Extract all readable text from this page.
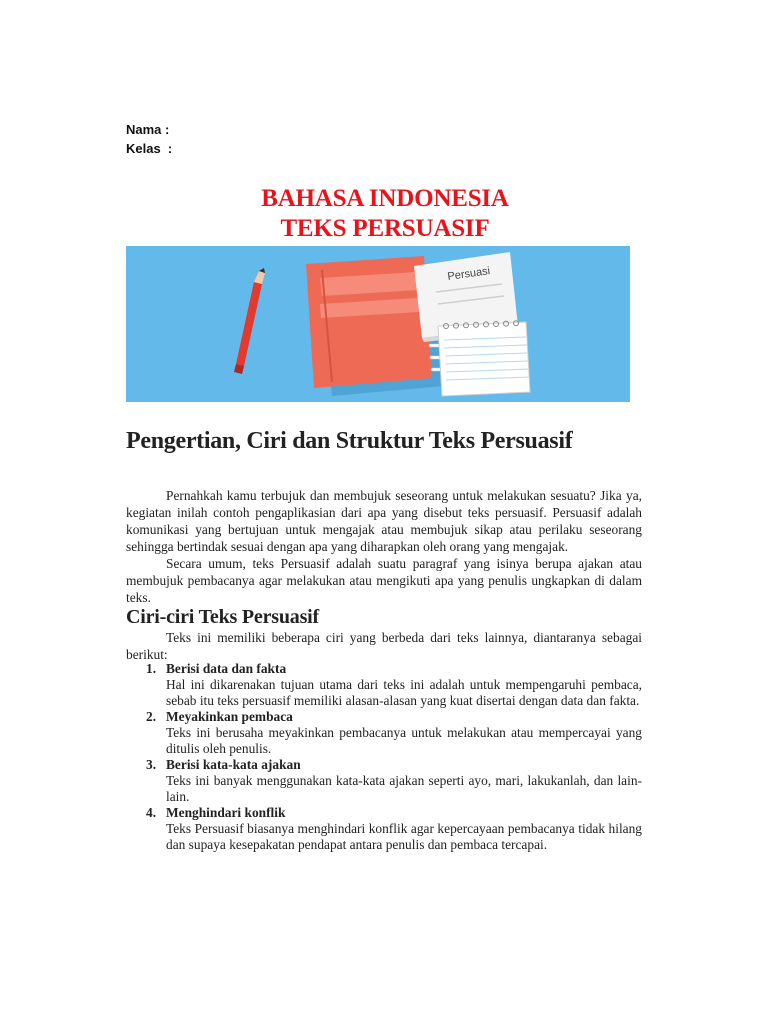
Nama :
Kelas  :
BAHASA INDONESIA
TEKS PERSUASIF
Persuasi
Pengertian, Ciri dan Struktur Teks Persuasif

Pernahkah kamu terbujuk dan membujuk seseorang untuk melakukan sesuatu? Jika ya, kegiatan inilah contoh pengaplikasian dari apa yang disebut teks persuasif. Persuasif adalah komunikasi yang bertujuan untuk mengajak atau membujuk sikap atau perilaku seseorang sehingga bertindak sesuai dengan apa yang diharapkan oleh orang yang mengajak.

Secara umum, teks Persuasif adalah suatu paragraf yang isinya berupa ajakan atau membujuk pembacanya agar melakukan atau mengikuti apa yang penulis ungkapkan di dalam teks.

Ciri-ciri Teks Persuasif

Teks ini memiliki beberapa ciri yang berbeda dari teks lainnya, diantaranya sebagai berikut:

1. Berisi data dan fakta
Hal ini dikarenakan tujuan utama dari teks ini adalah untuk mempengaruhi pembaca, sebab itu teks persuasif memiliki alasan-alasan yang kuat disertai dengan data dan fakta.
2. Meyakinkan pembaca
Teks ini berusaha meyakinkan pembacanya untuk melakukan atau mempercayai yang ditulis oleh penulis.
3. Berisi kata-kata ajakan
Teks ini banyak menggunakan kata-kata ajakan seperti ayo, mari, lakukanlah, dan lain-lain.
4. Menghindari konflik
Teks Persuasif biasanya menghindari konflik agar kepercayaan pembacanya tidak hilang dan supaya kesepakatan pendapat antara penulis dan pembaca tercapai.
